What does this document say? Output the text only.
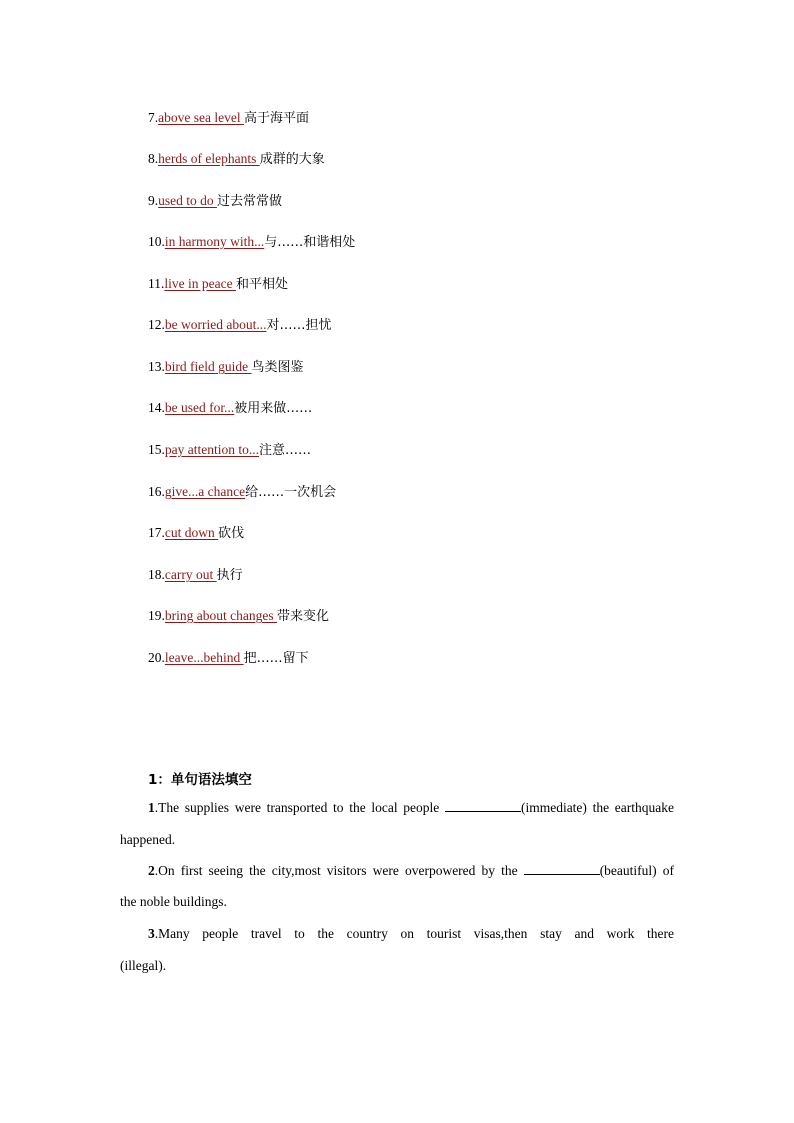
7.above sea level 高于海平面
8.herds of elephants 成群的大象
9.used to do 过去常常做
10.in harmony with...与……和谐相处
11.live in peace 和平相处
12.be worried about...对……担忧
13.bird field guide 鸟类图鉴
14.be used for...被用来做……
15.pay attention to...注意……
16.give...a chance给……一次机会
17.cut down 砍伐
18.carry out 执行
19.bring about changes 带来变化
20.leave...behind 把……留下
1：单句语法填空
1.The supplies were transported to the local people	(immediate) the earthquake
happened.
2.On first seeing the city,most visitors were overpowered by the	(beautiful) of
the noble buildings.
3.Many people travel to the country on tourist visas,then stay and work there
(illegal).
